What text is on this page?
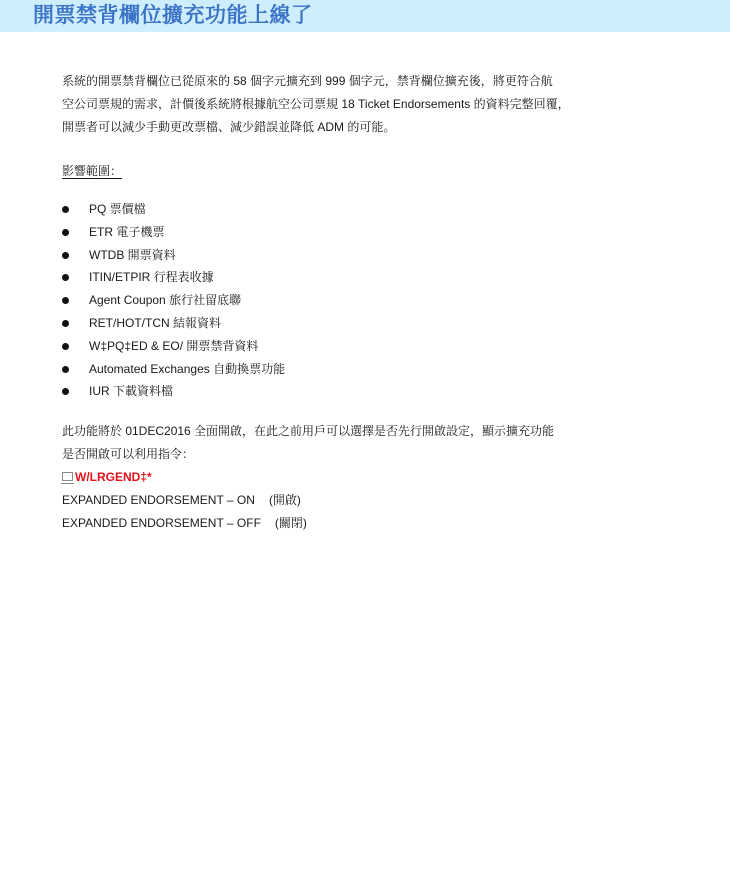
開票禁背欄位擴充功能上線了
系統的開票禁背欄位已從原來的 58 個字元擴充到 999 個字元，禁背欄位擴充後，將更符合航
空公司票規的需求，計價後系統將根據航空公司票規 18 Ticket Endorsements 的資料完整回覆，
開票者可以減少手動更改票檔、減少錯誤並降低 ADM 的可能。
影響範圍：
PQ 票價檔
ETR 電子機票
WTDB 開票資料
ITIN/ETPIR 行程表收據
Agent Coupon 旅行社留底聯
RET/HOT/TCN 結報資料
W‡PQ‡ED & EO/ 開票禁背資料
Automated Exchanges 自動換票功能
IUR 下載資料檔
此功能將於 01DEC2016 全面開啟，在此之前用戶可以選擇是否先行開啟設定，顯示擴充功能
是否開啟可以利用指令：
W/LRGEND‡*
EXPANDED ENDORSEMENT – ON (開啟)
EXPANDED ENDORSEMENT – OFF (關閉)
